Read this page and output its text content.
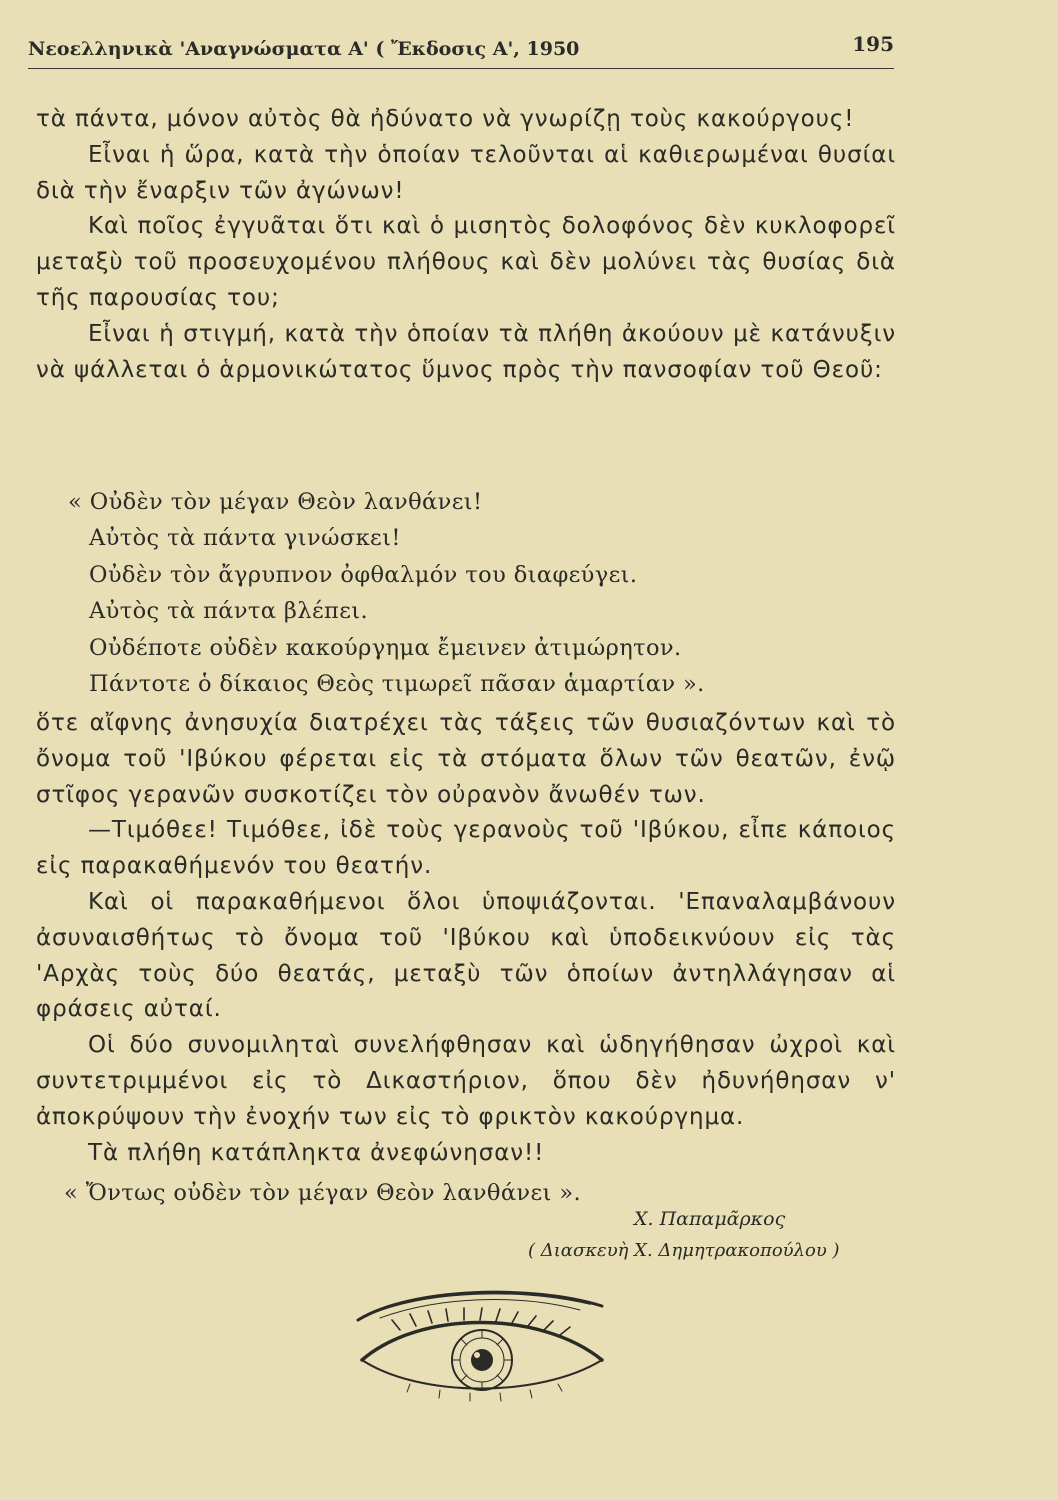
Νεοελληνικὰ 'Αναγνώσματα Α' ( Ἔκδοσις Α', 1950	195

τὰ πάντα, μόνον αὐτὸς θὰ ἠδύνατο νὰ γνωρίζῃ τοὺς κακούργους!

Εἶναι ἡ ὥρα, κατὰ τὴν ὁποίαν τελοῦνται αἱ καθιερωμέναι θυσίαι διὰ τὴν ἔναρξιν τῶν ἀγώνων!

Καὶ ποῖος ἐγγυᾶται ὅτι καὶ ὁ μισητὸς δολοφόνος δὲν κυκλοφορεῖ μεταξὺ τοῦ προσευχομένου πλήθους καὶ δὲν μολύνει τὰς θυσίας διὰ τῆς παρουσίας του;

Εἶναι ἡ στιγμή, κατὰ τὴν ὁποίαν τὰ πλήθη ἀκούουν μὲ κατάνυξιν νὰ ψάλλεται ὁ ἁρμονικώτατος ὕμνος πρὸς τὴν πανσοφίαν τοῦ Θεοῦ:

« Οὐδὲν τὸν μέγαν Θεὸν λανθάνει!
Αὐτὸς τὰ πάντα γινώσκει!
Οὐδὲν τὸν ἄγρυπνον ὀφθαλμόν του διαφεύγει.
Αὐτὸς τὰ πάντα βλέπει.
Οὐδέποτε οὐδὲν κακούργημα ἔμεινεν ἀτιμώρητον.
Πάντοτε ὁ δίκαιος Θεὸς τιμωρεῖ πᾶσαν ἁμαρτίαν ».

ὅτε αἴφνης ἀνησυχία διατρέχει τὰς τάξεις τῶν θυσιαζόντων καὶ τὸ ὄνομα τοῦ 'Ιβύκου φέρεται εἰς τὰ στόματα ὅλων τῶν θεατῶν, ἐνῷ στῖφος γερανῶν συσκοτίζει τὸν οὐρανὸν ἄνωθέν των.

—Τιμόθεε! Τιμόθεε, ἰδὲ τοὺς γερανοὺς τοῦ 'Ιβύκου, εἶπε κάποιος εἰς παρακαθήμενόν του θεατήν.

Καὶ οἱ παρακαθήμενοι ὅλοι ὑποψιάζονται. 'Επαναλαμβάνουν ἀσυναισθήτως τὸ ὄνομα τοῦ 'Ιβύκου καὶ ὑποδεικνύουν εἰς τὰς 'Αρχὰς τοὺς δύο θεατάς, μεταξὺ τῶν ὁποίων ἀντηλλάγησαν αἱ φράσεις αὐταί.

Οἱ δύο συνομιληταὶ συνελήφθησαν καὶ ὡδηγήθησαν ὠχροὶ καὶ συντετριμμένοι εἰς τὸ Δικαστήριον, ὅπου δὲν ἠδυνήθησαν ν' ἀποκρύψουν τὴν ἐνοχήν των εἰς τὸ φρικτὸν κακούργημα.

Τὰ πλήθη κατάπληκτα ἀνεφώνησαν!!

« Ὄντως οὐδὲν τὸν μέγαν Θεὸν λανθάνει ».
Χ. Παπαμᾶρκος
( Διασκευὴ Χ. Δημητρακοπούλου )
